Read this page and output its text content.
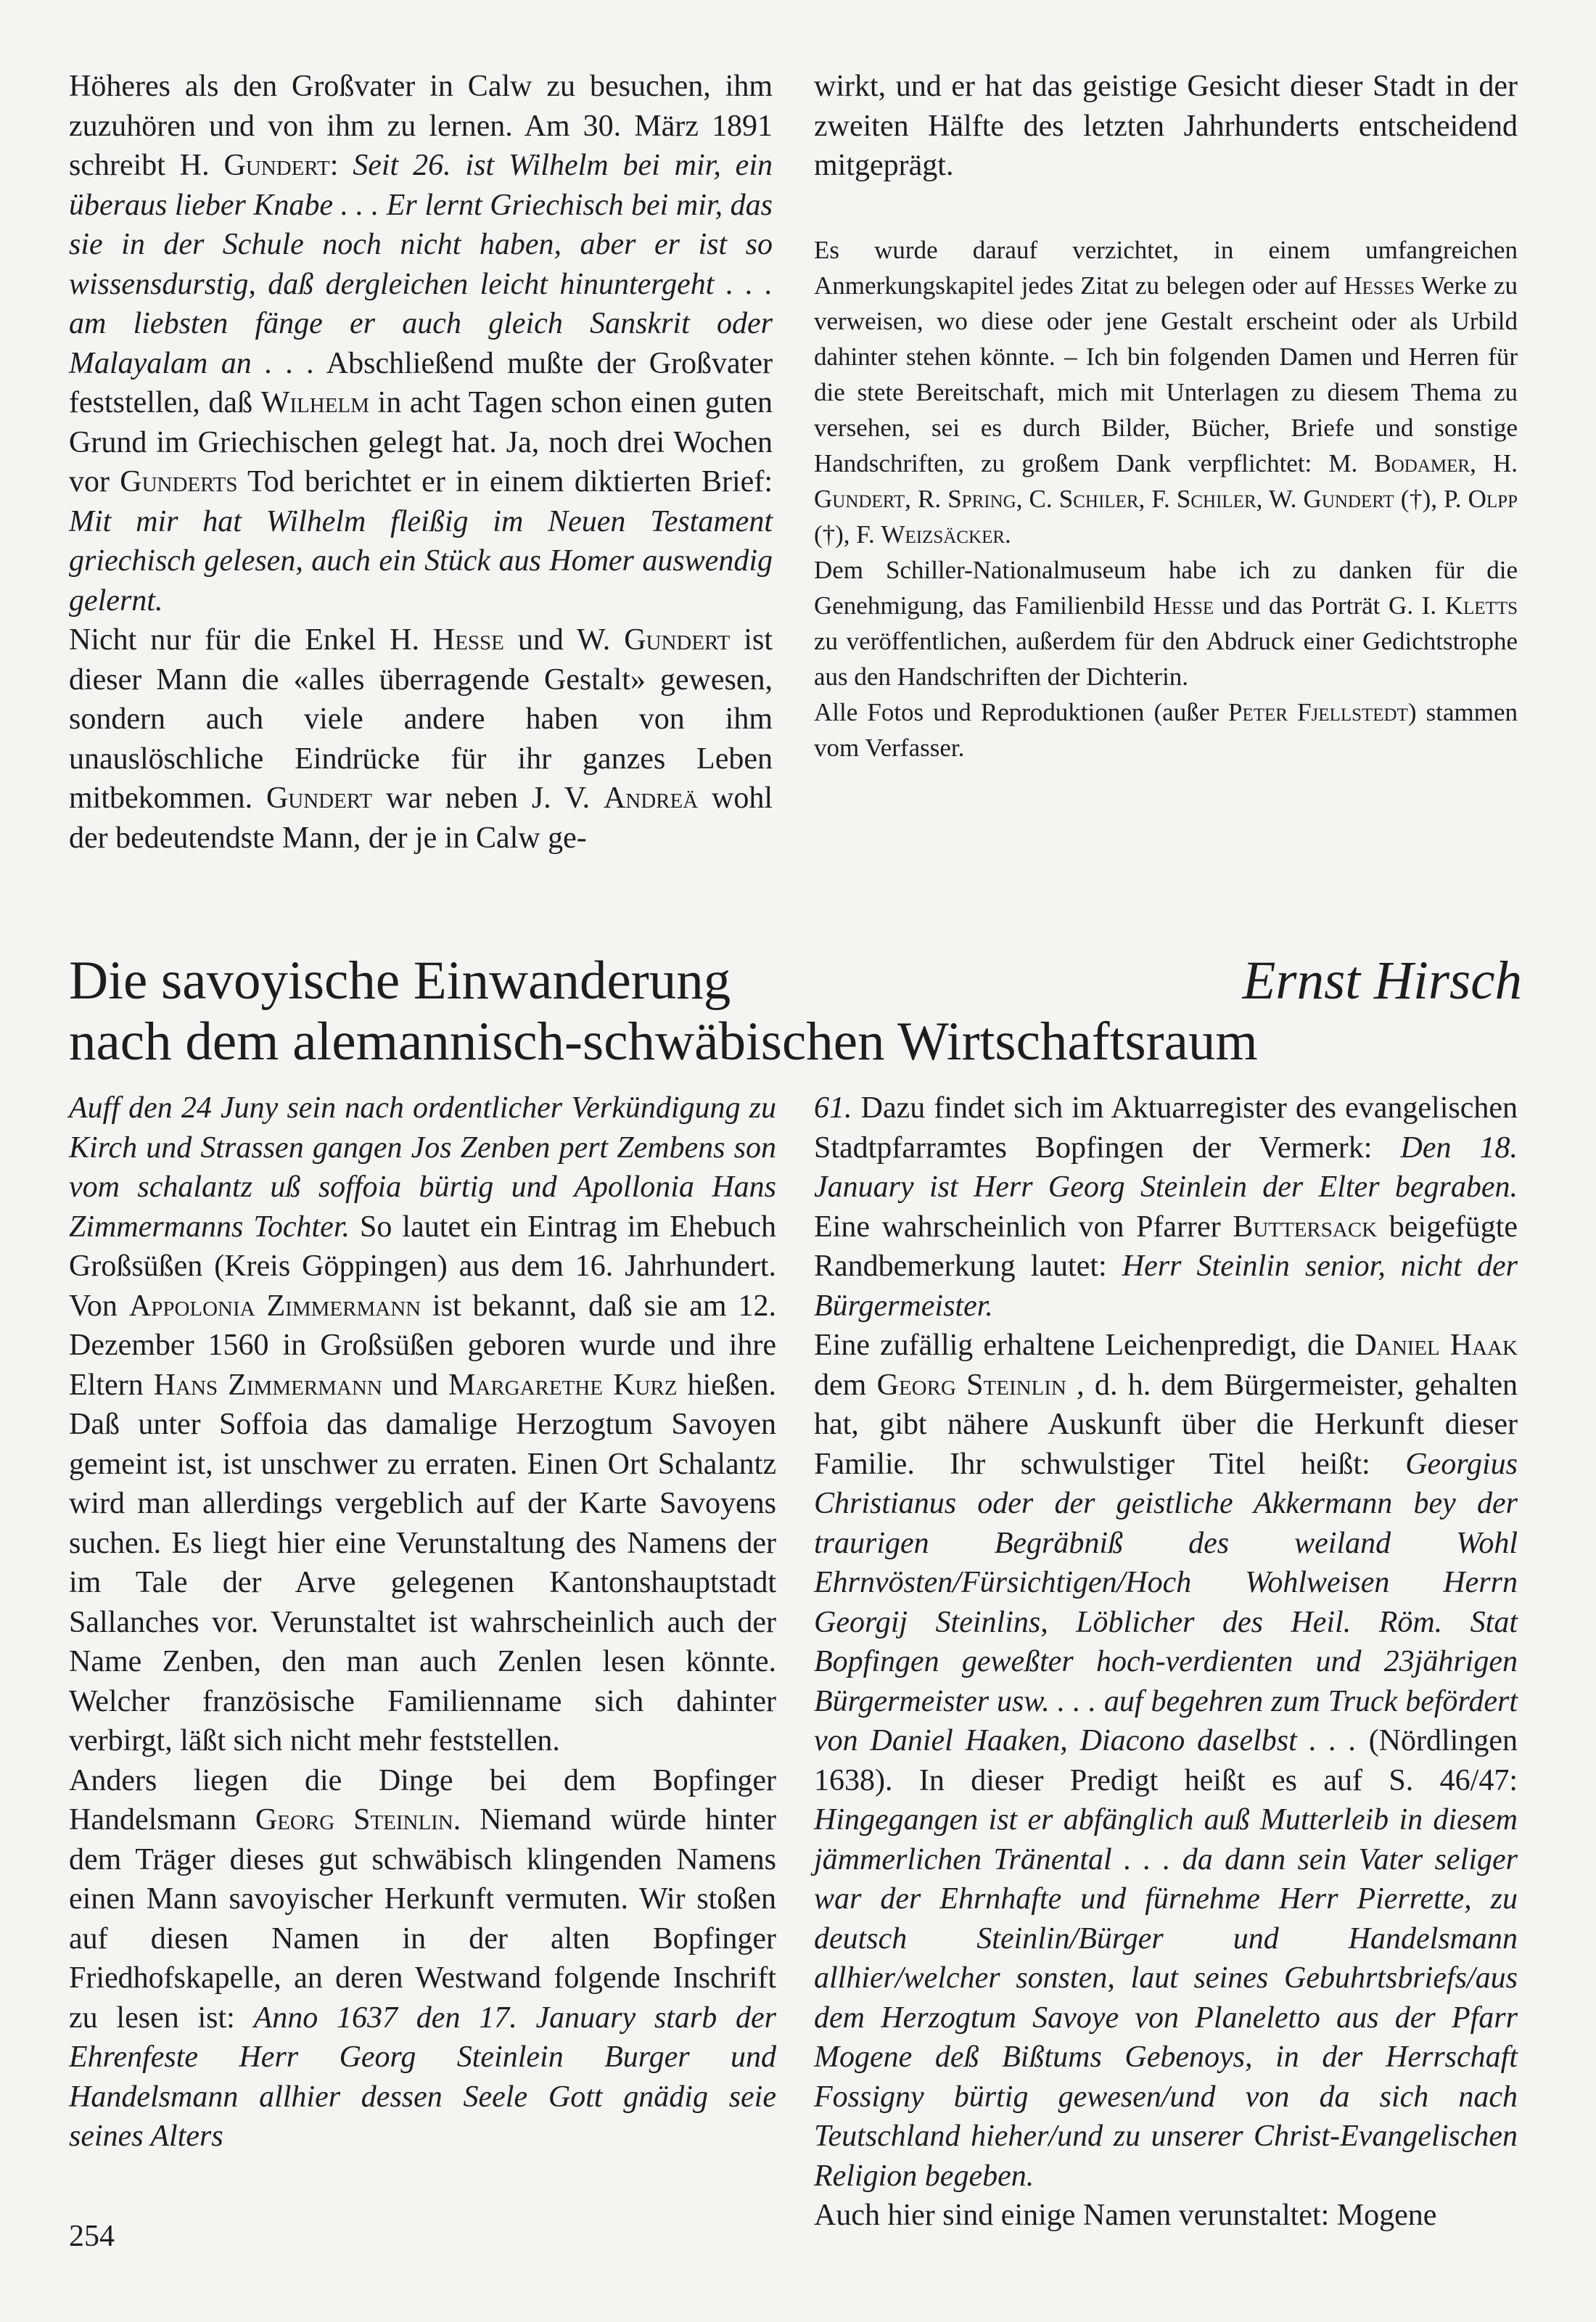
Höheres als den Großvater in Calw zu besuchen, ihm zuzuhören und von ihm zu lernen. Am 30. März 1891 schreibt H. Gundert: Seit 26. ist Wilhelm bei mir, ein überaus lieber Knabe . . . Er lernt Griechisch bei mir, das sie in der Schule noch nicht haben, aber er ist so wissensdurstig, daß dergleichen leicht hinuntergeht . . . am liebsten fänge er auch gleich Sanskrit oder Malayalam an . . . Abschließend mußte der Großvater feststellen, daß Wilhelm in acht Tagen schon einen guten Grund im Griechischen gelegt hat. Ja, noch drei Wochen vor Gunderts Tod berichtet er in einem diktierten Brief: Mit mir hat Wilhelm fleißig im Neuen Testament griechisch gelesen, auch ein Stück aus Homer auswendig gelernt.
Nicht nur für die Enkel H. Hesse und W. Gundert ist dieser Mann die «alles überragende Gestalt» gewesen, sondern auch viele andere haben von ihm unauslöschliche Eindrücke für ihr ganzes Leben mitbekommen. Gundert war neben J. V. Andreä wohl der bedeutendste Mann, der je in Calw ge-

wirkt, und er hat das geistige Gesicht dieser Stadt in der zweiten Hälfte des letzten Jahrhunderts entscheidend mitgeprägt.

Es wurde darauf verzichtet, in einem umfangreichen Anmerkungskapitel jedes Zitat zu belegen oder auf Hesses Werke zu verweisen, wo diese oder jene Gestalt erscheint oder als Urbild dahinter stehen könnte. – Ich bin folgenden Damen und Herren für die stete Bereitschaft, mich mit Unterlagen zu diesem Thema zu versehen, sei es durch Bilder, Bücher, Briefe und sonstige Handschriften, zu großem Dank verpflichtet: M. Bodamer, H. Gundert, R. Spring, C. Schiler, F. Schiler, W. Gundert (†), P. Olpp (†), F. Weizsäcker.
Dem Schiller-Nationalmuseum habe ich zu danken für die Genehmigung, das Familienbild Hesse und das Porträt G. I. Kletts zu veröffentlichen, außerdem für den Abdruck einer Gedichtstrophe aus den Handschriften der Dichterin.
Alle Fotos und Reproduktionen (außer Peter Fjellstedt) stammen vom Verfasser.

Die savoyische Einwanderung
nach dem alemannisch-schwäbischen Wirtschaftsraum
Ernst Hirsch

Auff den 24 Juny sein nach ordentlicher Verkündigung zu Kirch und Strassen gangen Jos Zenben pert Zembens son vom schalantz uß soffoia bürtig und Apollonia Hans Zimmermanns Tochter. So lautet ein Eintrag im Ehebuch Großsüßen (Kreis Göppingen) aus dem 16. Jahrhundert. Von Appolonia Zimmermann ist bekannt, daß sie am 12. Dezember 1560 in Großsüßen geboren wurde und ihre Eltern Hans Zimmermann und Margarethe Kurz hießen. Daß unter Soffoia das damalige Herzogtum Savoyen gemeint ist, ist unschwer zu erraten. Einen Ort Schalantz wird man allerdings vergeblich auf der Karte Savoyens suchen. Es liegt hier eine Verunstaltung des Namens der im Tale der Arve gelegenen Kantonshauptstadt Sallanches vor. Verunstaltet ist wahrscheinlich auch der Name Zenben, den man auch Zenlen lesen könnte. Welcher französische Familienname sich dahinter verbirgt, läßt sich nicht mehr feststellen.
Anders liegen die Dinge bei dem Bopfinger Handelsmann Georg Steinlin. Niemand würde hinter dem Träger dieses gut schwäbisch klingenden Namens einen Mann savoyischer Herkunft vermuten. Wir stoßen auf diesen Namen in der alten Bopfinger Friedhofskapelle, an deren Westwand folgende Inschrift zu lesen ist: Anno 1637 den 17. January starb der Ehrenfeste Herr Georg Steinlein Burger und Handelsmann allhier dessen Seele Gott gnädig seie seines Alters

61. Dazu findet sich im Aktuarregister des evangelischen Stadtpfarramtes Bopfingen der Vermerk: Den 18. January ist Herr Georg Steinlein der Elter begraben. Eine wahrscheinlich von Pfarrer Buttersack beigefügte Randbemerkung lautet: Herr Steinlin senior, nicht der Bürgermeister.
Eine zufällig erhaltene Leichenpredigt, die Daniel Haak dem Georg Steinlin , d. h. dem Bürgermeister, gehalten hat, gibt nähere Auskunft über die Herkunft dieser Familie. Ihr schwulstiger Titel heißt: Georgius Christianus oder der geistliche Akkermann bey der traurigen Begräbniß des weiland Wohl Ehrnvösten/Fürsichtigen/Hoch Wohlweisen Herrn Georgij Steinlins, Löblicher des Heil. Röm. Stat Bopfingen gewеßter hoch-verdienten und 23jährigen Bürgermeister usw. . . . auf begehren zum Truck befördert von Daniel Haaken, Diacono daselbst . . . (Nördlingen 1638). In dieser Predigt heißt es auf S. 46/47: Hingegangen ist er abfänglich auß Mutterleib in diesem jämmerlichen Tränental . . . da dann sein Vater seliger war der Ehrnhafte und fürnehme Herr Pierrette, zu deutsch Steinlin/Bürger und Handelsmann allhier/welcher sonsten, laut seines Gebuhrtsbriefs/aus dem Herzogtum Savoye von Planeletto aus der Pfarr Mogene deß Bißtums Gebenoys, in der Herrschaft Fossigny bürtig gewesen/und von da sich nach Teutschland hieher/und zu unserer Christ-Evangelischen Religion begeben.
Auch hier sind einige Namen verunstaltet: Mogene

254
